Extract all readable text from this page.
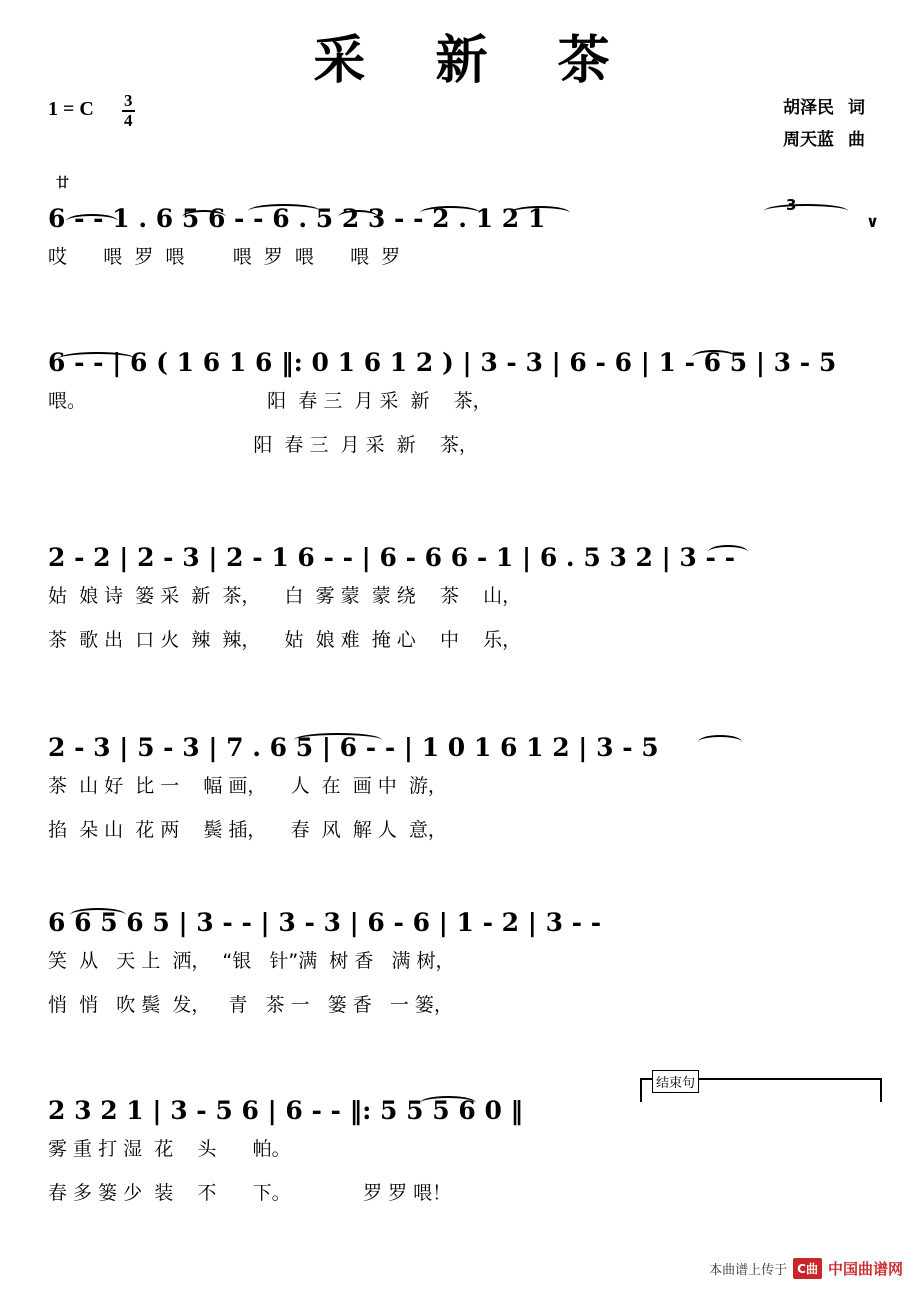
采 新 茶
1 = C $\frac{3}{4}$	胡泽民 词
周天蓝 曲
廿
3
∨
6 - - 1 . 6 5 6 - - 6 . 5 2 3 - - 2 . 1 2 1
哎      喂  罗  喂        喂  罗  喂      喂  罗
6 - - | 6 ( 1 6 1 6 ‖: 0 1 6 1 2 ) | 3 - 3 | 6 - 6 | 1 - 6 5 | 3 - 5
喂。                              阳  春 三  月 采  新    茶，
阳  春 三  月 采  新    茶，
2 - 2 | 2 - 3 | 2 - 1 6 - - | 6 - 6 6 - 1 | 6 . 5 3 2 | 3 - -
姑  娘 诗  篓 采  新  茶，    白  雾 蒙  蒙 绕    茶    山，
茶  歌 出  口 火  辣  辣，    姑  娘 难  掩 心    中    乐，
2 - 3 | 5 - 3 | 7 . 6 5 | 6 - - | 1 0 1 6 1 2 | 3 - 5
茶  山 好  比 一    幅 画，    人  在  画 中  游，
掐  朵 山  花 两    鬓 插，    春  风  解 人  意，
6 6 5 6 5 | 3 - - | 3 - 3 | 6 - 6 | 1 - 2 | 3 - -
笑  从   天 上  洒，  “银   针”满  树 香   满 树，
悄  悄   吹 鬓  发，   青   茶 一   篓 香   一 篓，
结束句
2 3 2 1 | 3 - 5 6 | 6 - - ‖: 5 5 5 6 0 ‖
雾 重 打 湿  花    头      帕。
春 多 篓 少  装    不      下。            罗 罗 喂！
本曲谱上传于 C曲 中国曲谱网
